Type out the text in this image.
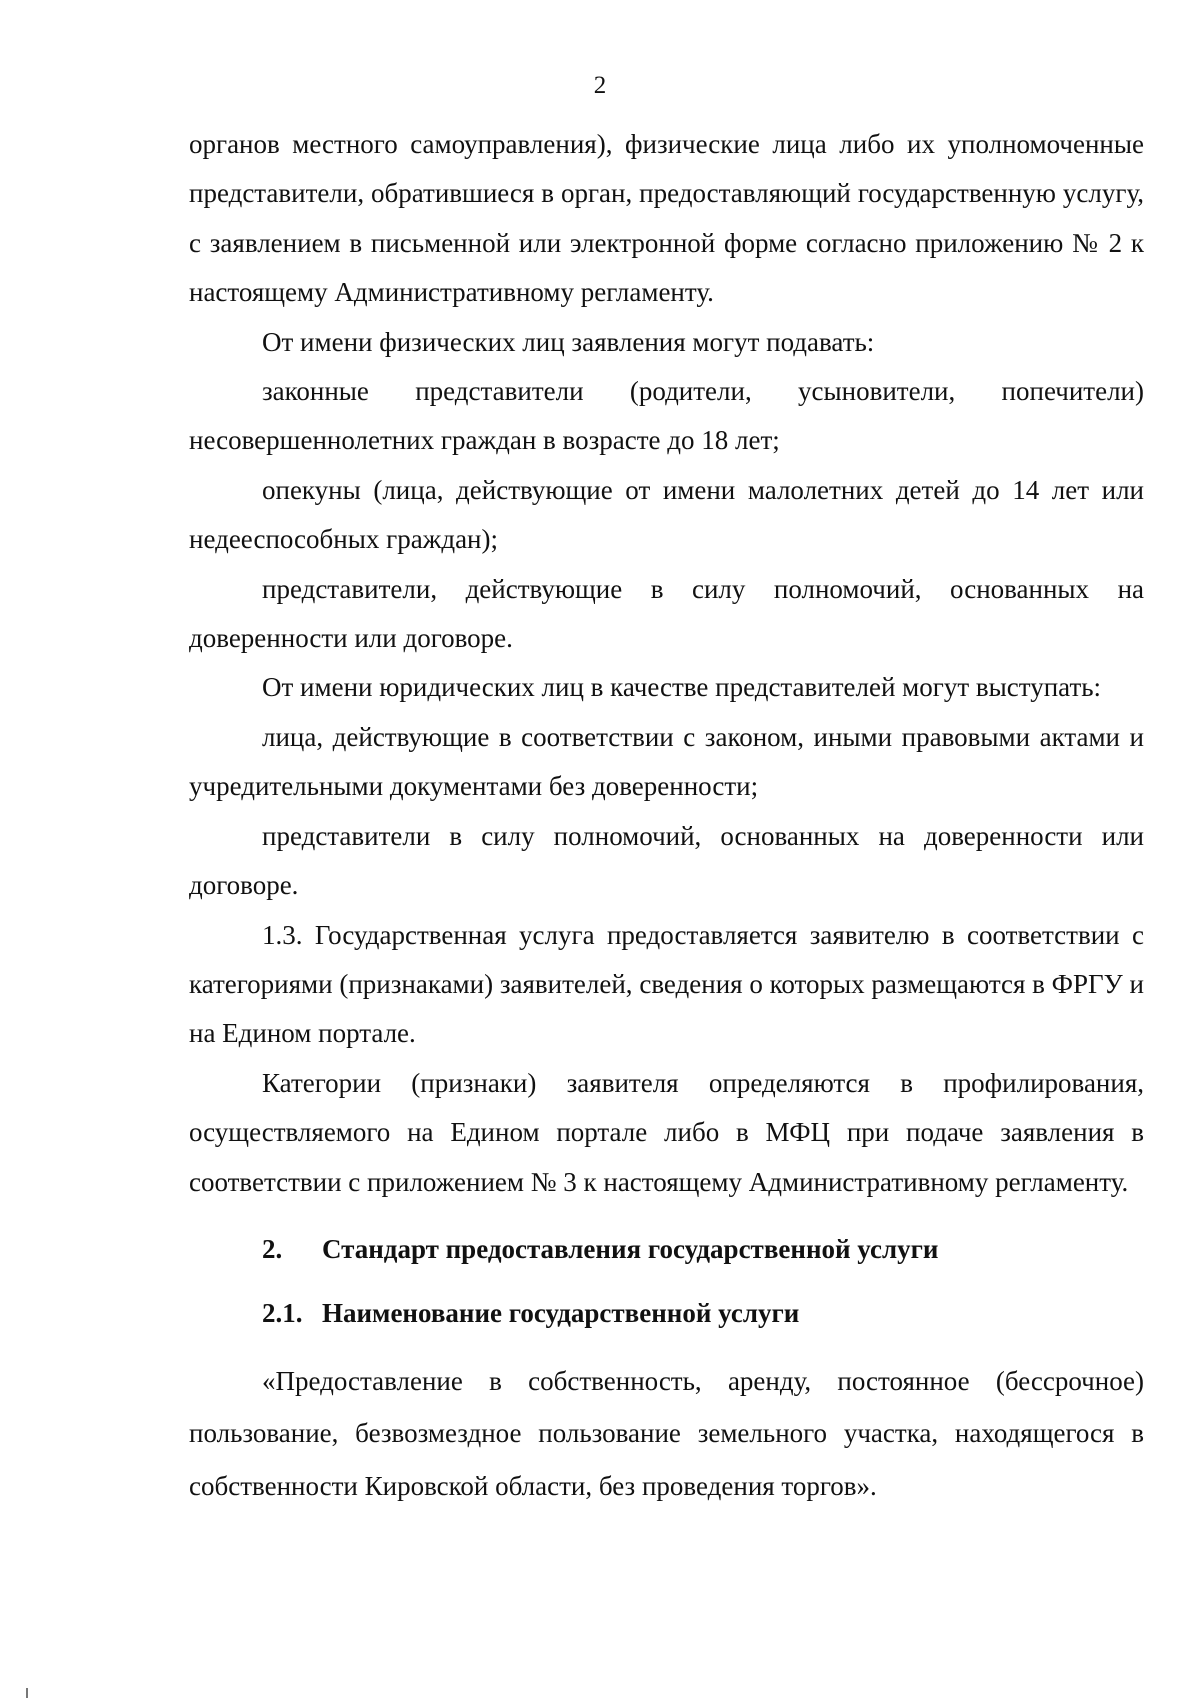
2

органов местного самоуправления), физические лица либо их уполномоченные представители, обратившиеся в орган, предоставляющий государственную услугу, с заявлением в письменной или электронной форме согласно приложению № 2 к настоящему Административному регламенту.

От имени физических лиц заявления могут подавать:

законные представители (родители, усыновители, попечители) несовершеннолетних граждан в возрасте до 18 лет;

опекуны (лица, действующие от имени малолетних детей до 14 лет или недееспособных граждан);

представители, действующие в силу полномочий, основанных на доверенности или договоре.

От имени юридических лиц в качестве представителей могут выступать:

лица, действующие в соответствии с законом, иными правовыми актами и учредительными документами без доверенности;

представители в силу полномочий, основанных на доверенности или договоре.

1.3. Государственная услуга предоставляется заявителю в соответствии с категориями (признаками) заявителей, сведения о которых размещаются в ФРГУ и на Едином портале.

Категории (признаки) заявителя определяются в профилирования, осуществляемого на Едином портале либо в МФЦ при подаче заявления в соответствии с приложением № 3 к настоящему Административному регламенту.

2. Стандарт предоставления государственной услуги

2.1. Наименование государственной услуги

«Предоставление в собственность, аренду, постоянное (бессрочное) пользование, безвозмездное пользование земельного участка, находящегося в собственности Кировской области, без проведения торгов».
